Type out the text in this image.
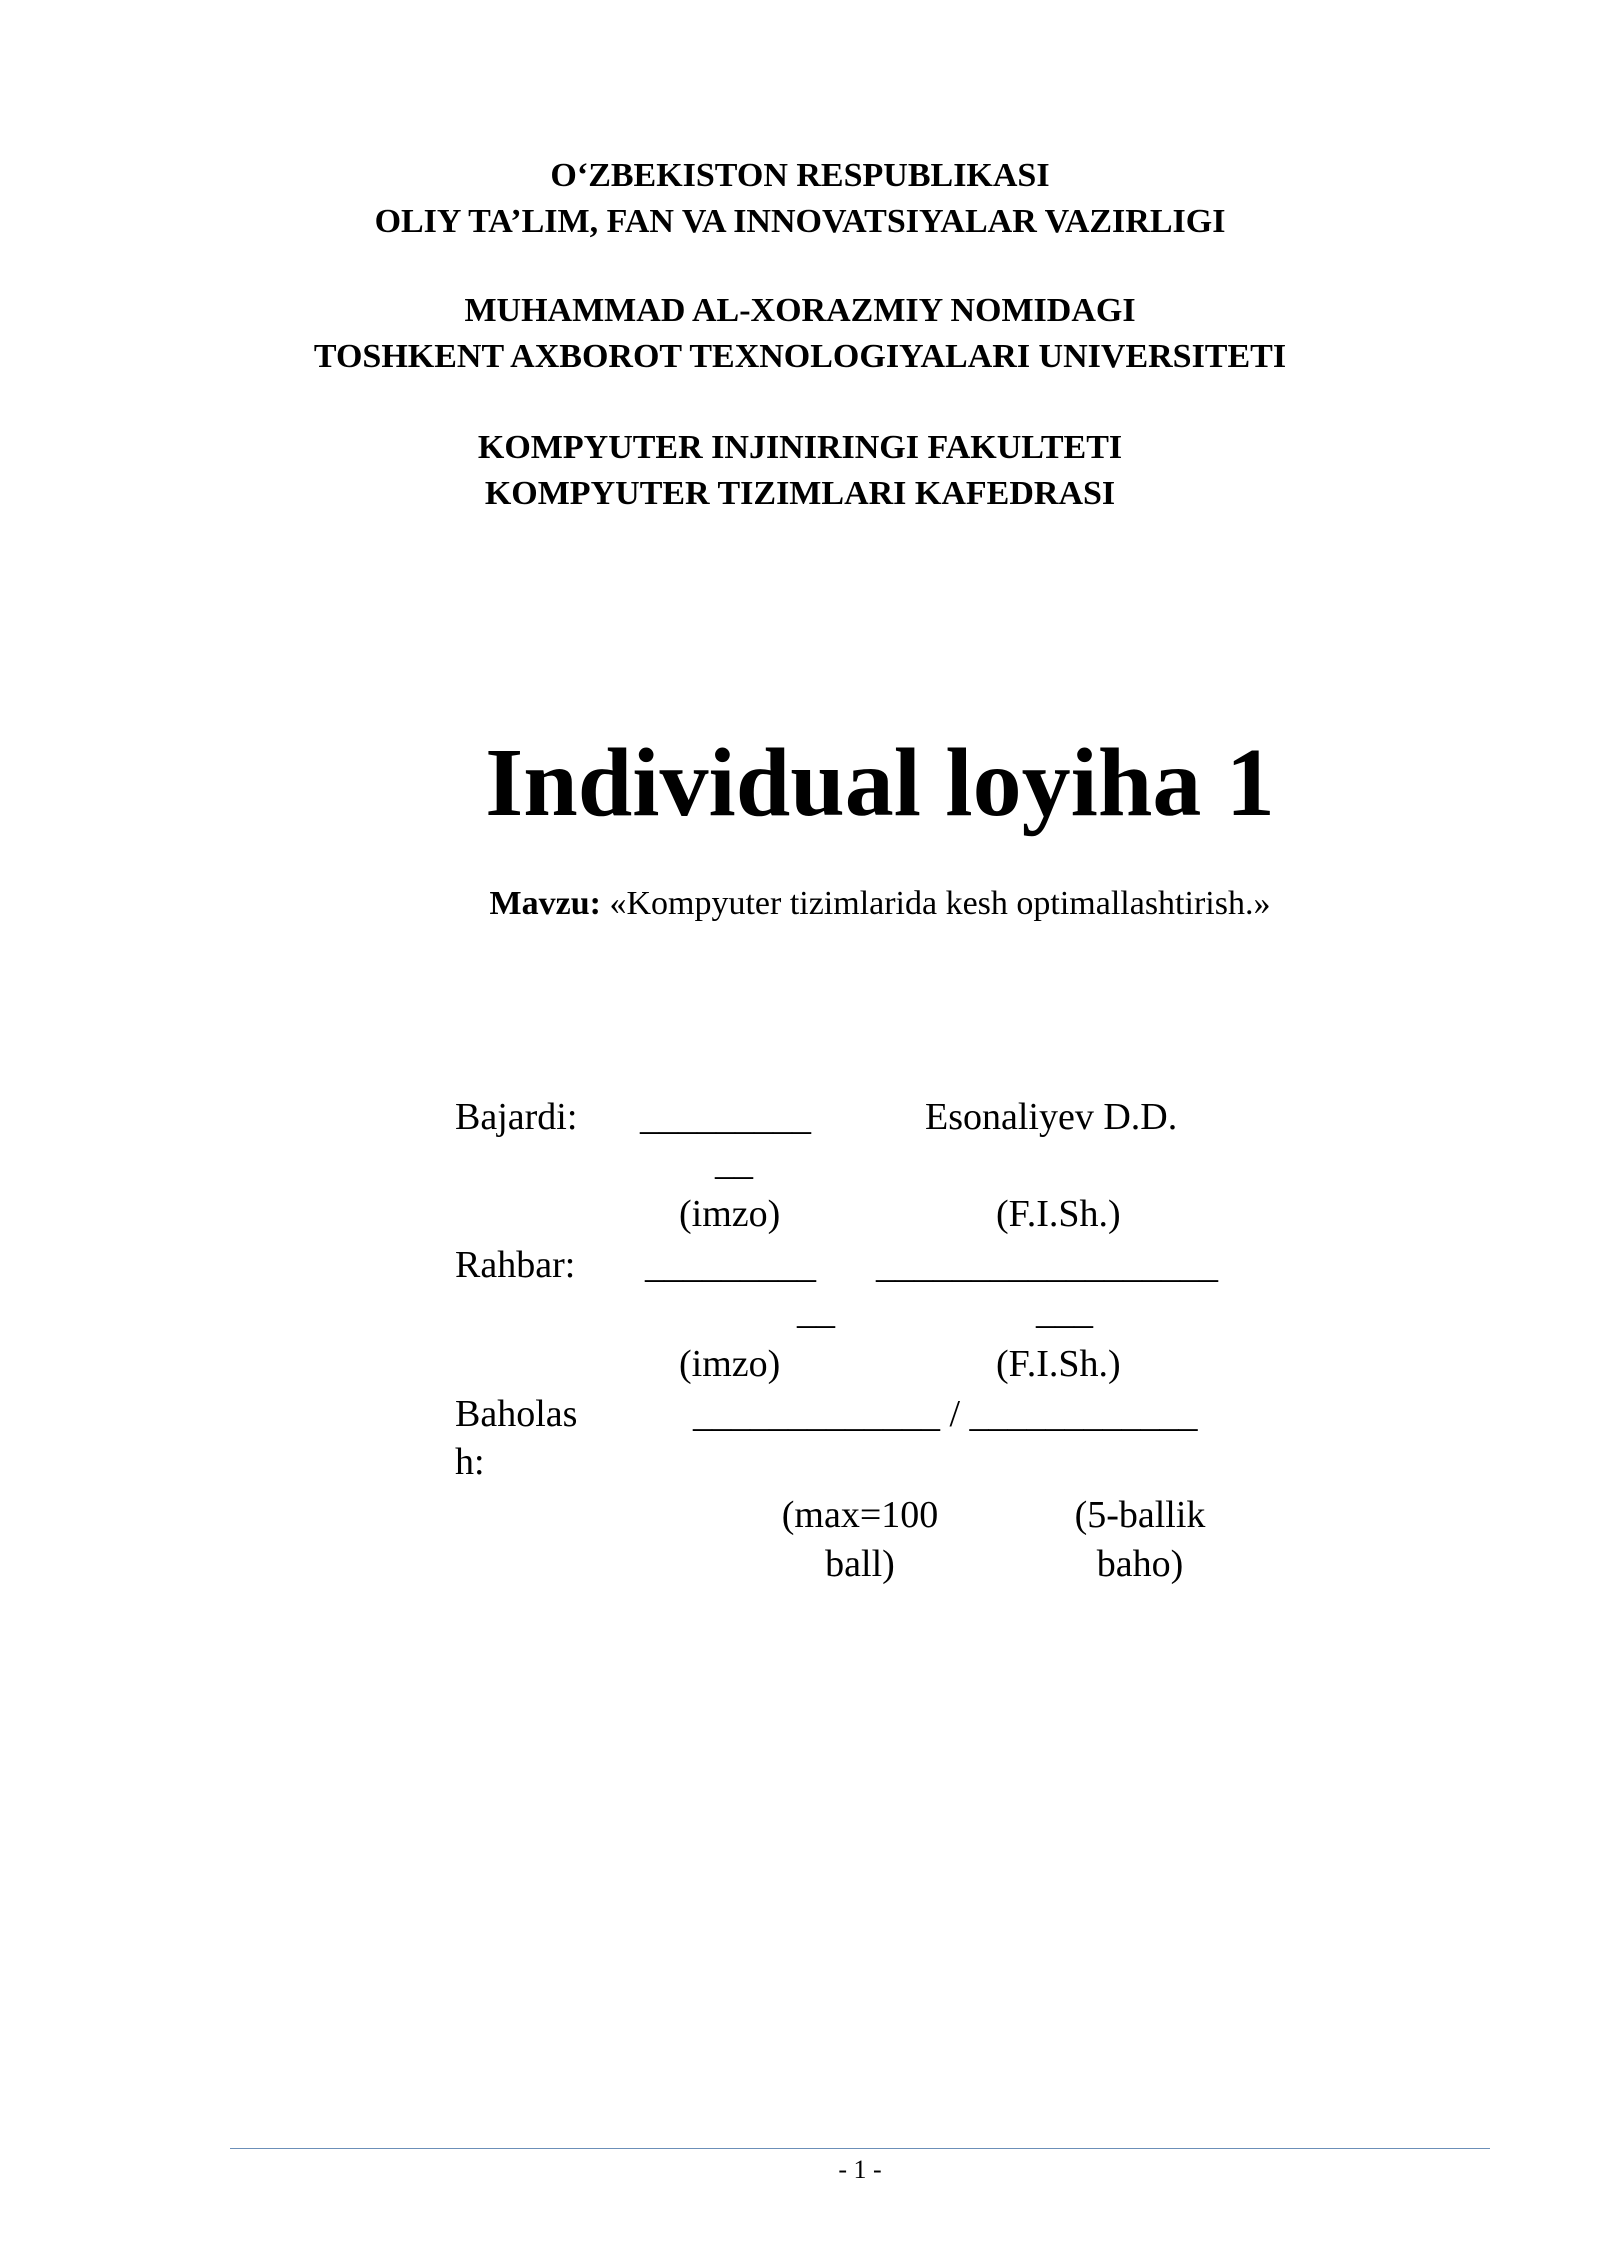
O‘ZBEKISTON RESPUBLIKASI
OLIY TA’LIM, FAN VA INNOVATSIYALAR VAZIRLIGI
MUHAMMAD AL-XORAZMIY NOMIDAGI
TOSHKENT AXBOROT TEXNOLOGIYALARI UNIVERSITETI
KOMPYUTER INJINIRINGI FAKULTETI
KOMPYUTER TIZIMLARI KAFEDRASI
Individual loyiha 1
Mavzu: «Kompyuter tizimlarida kesh optimallashtirish.»
Bajardi: _________
__
Esonaliyev D.D.
(imzo)	(F.I.Sh.)
Rahbar: _________
__
__________________
___
(imzo)	(F.I.Sh.)
Baholas
h:
_____________ / ____________
(max=100
ball)
(5-ballik
baho)
- 1 -
